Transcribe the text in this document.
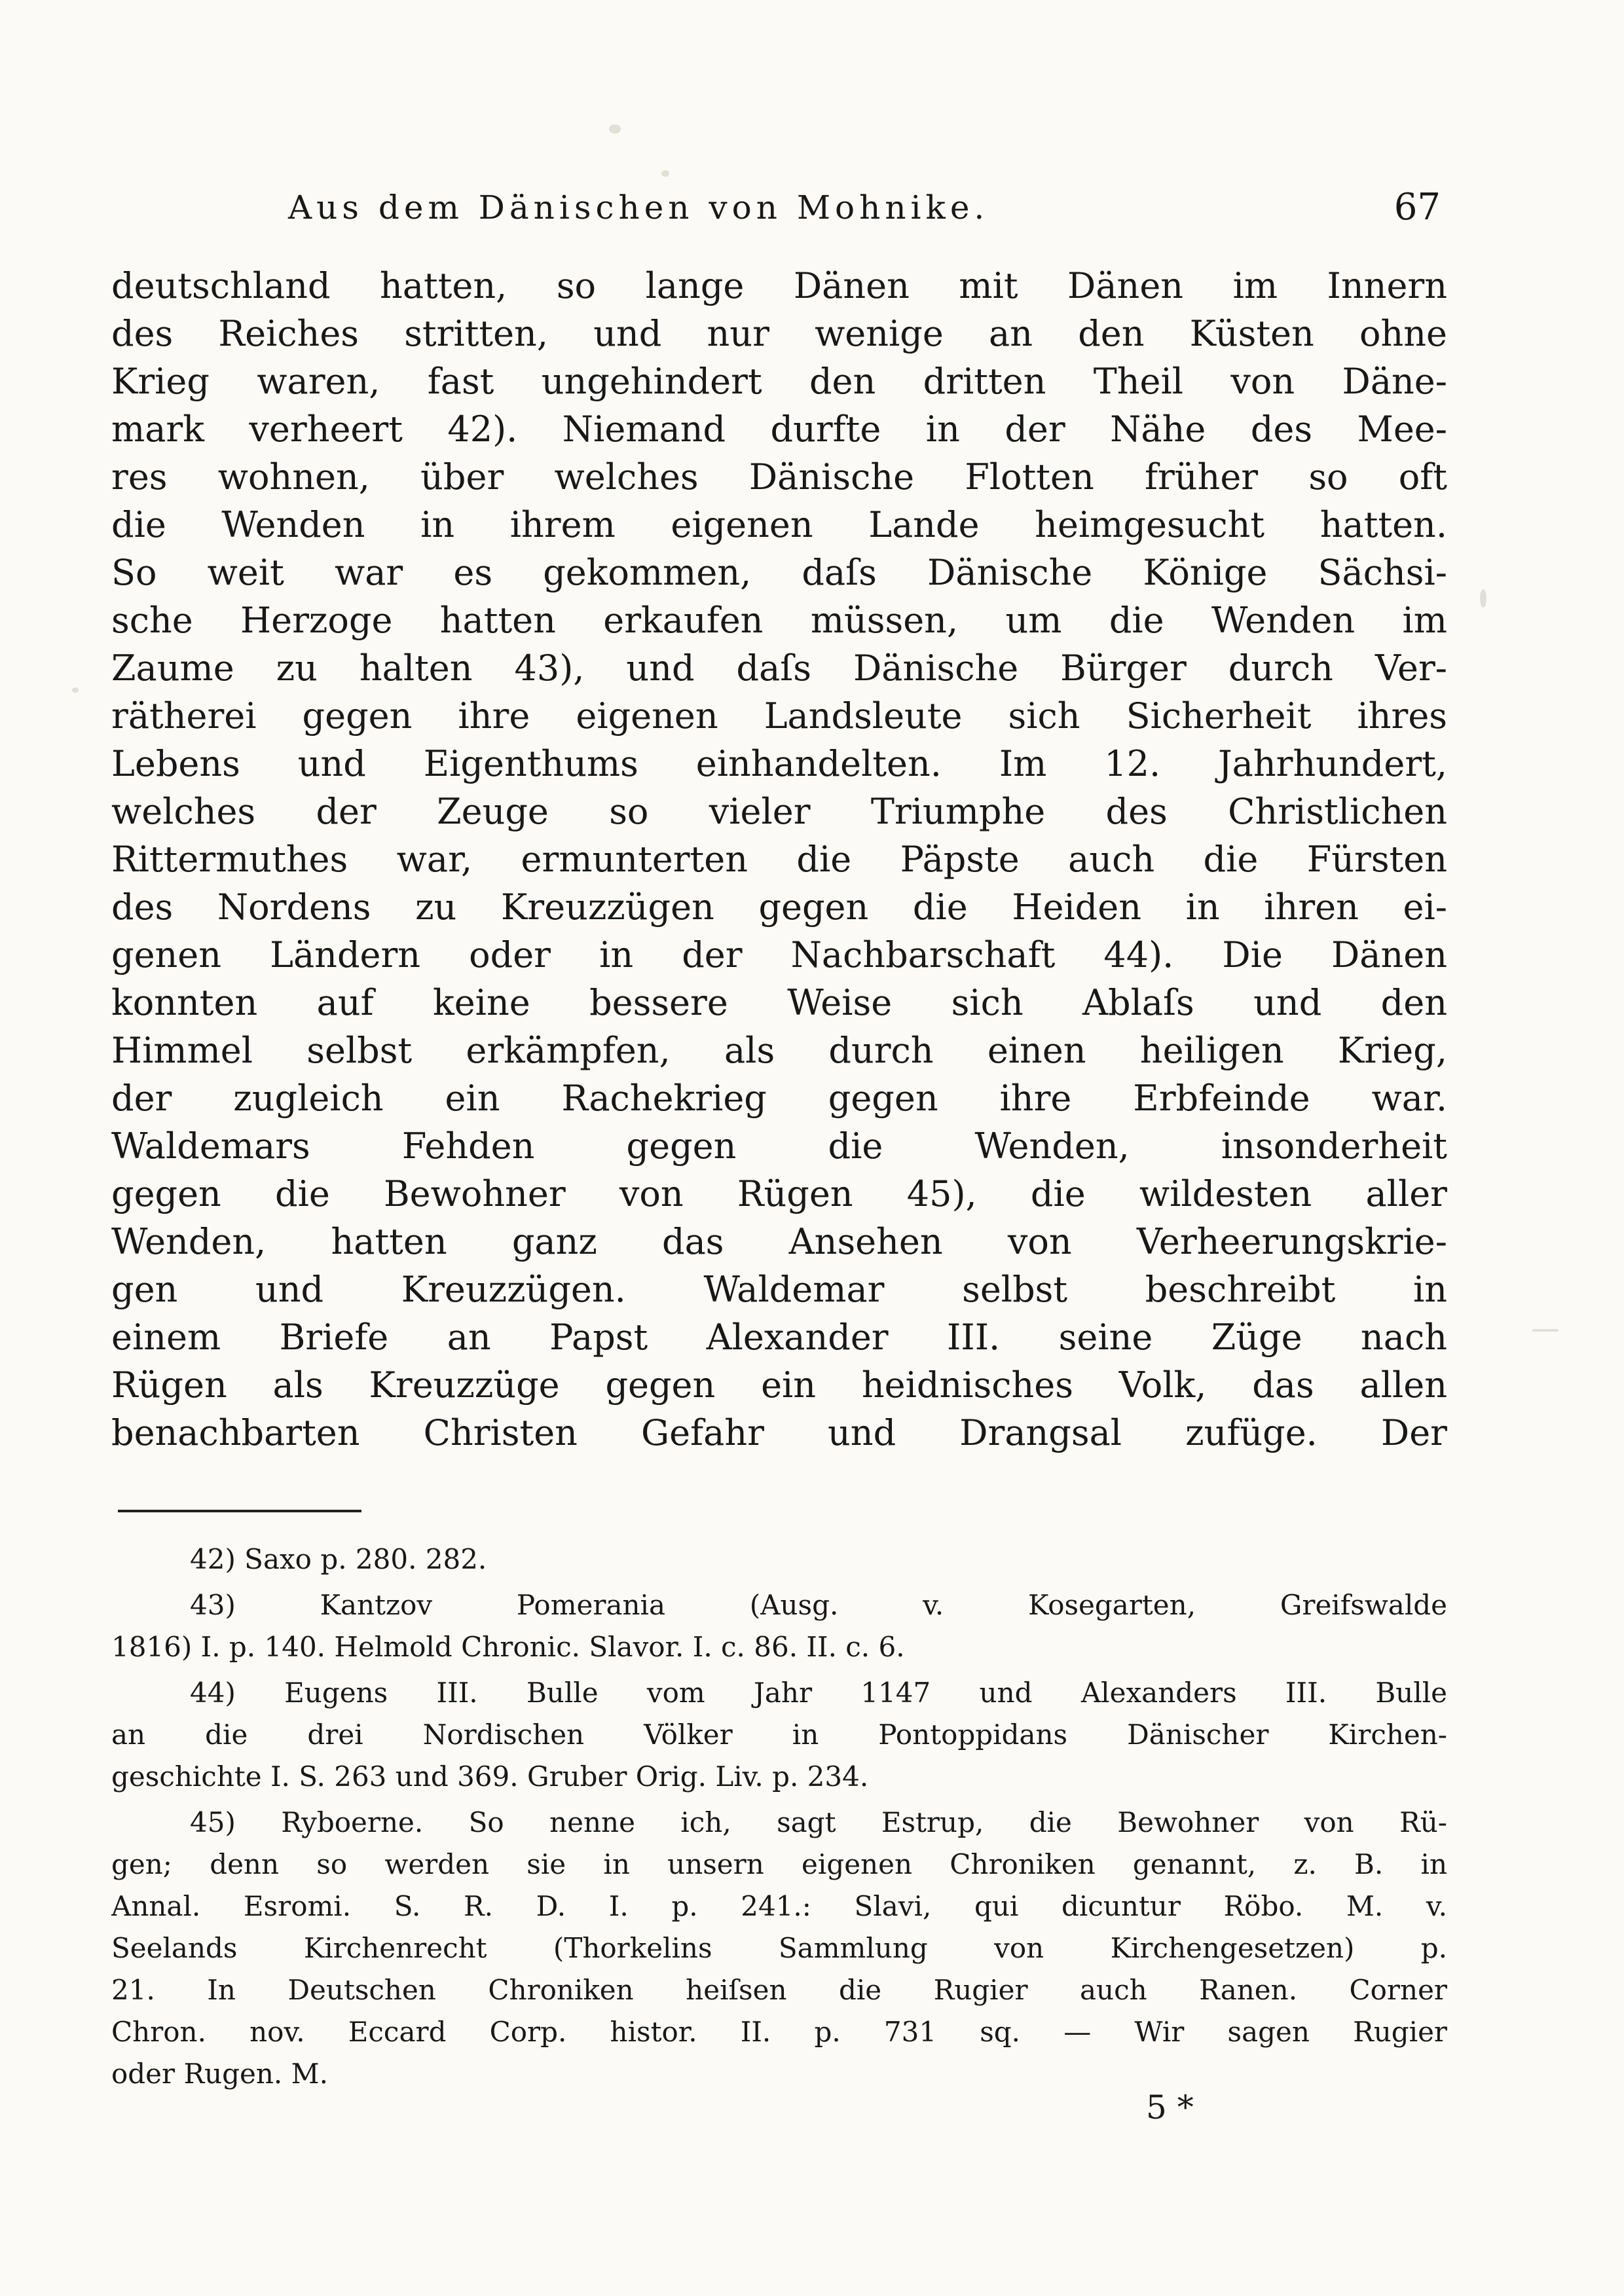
Aus dem Dänischen von Mohnike.	67
deutschland hatten, so lange Dänen mit Dänen im Innern
des Reiches stritten, und nur wenige an den Küsten ohne
Krieg waren, fast ungehindert den dritten Theil von Däne-
mark verheert 42). Niemand durfte in der Nähe des Mee-
res wohnen, über welches Dänische Flotten früher so oft
die Wenden in ihrem eigenen Lande heimgesucht hatten.
So weit war es gekommen, daſs Dänische Könige Sächsi-
sche Herzoge hatten erkaufen müssen, um die Wenden im
Zaume zu halten 43), und daſs Dänische Bürger durch Ver-
rätherei gegen ihre eigenen Landsleute sich Sicherheit ihres
Lebens und Eigenthums einhandelten. Im 12. Jahrhundert,
welches der Zeuge so vieler Triumphe des Christlichen
Rittermuthes war, ermunterten die Päpste auch die Fürsten
des Nordens zu Kreuzzügen gegen die Heiden in ihren ei-
genen Ländern oder in der Nachbarschaft 44). Die Dänen
konnten auf keine bessere Weise sich Ablaſs und den
Himmel selbst erkämpfen, als durch einen heiligen Krieg,
der zugleich ein Rachekrieg gegen ihre Erbfeinde war.
Waldemars Fehden gegen die Wenden, insonderheit
gegen die Bewohner von Rügen 45), die wildesten aller
Wenden, hatten ganz das Ansehen von Verheerungskrie-
gen und Kreuzzügen. Waldemar selbst beschreibt in
einem Briefe an Papst Alexander III. seine Züge nach
Rügen als Kreuzzüge gegen ein heidnisches Volk, das allen
benachbarten Christen Gefahr und Drangsal zufüge. Der
42) Saxo p. 280. 282.
43) Kantzov Pomerania (Ausg. v. Kosegarten, Greifswalde
1816) I. p. 140. Helmold Chronic. Slavor. I. c. 86. II. c. 6.
44) Eugens III. Bulle vom Jahr 1147 und Alexanders III. Bulle
an die drei Nordischen Völker in Pontoppidans Dänischer Kirchen-
geschichte I. S. 263 und 369. Gruber Orig. Liv. p. 234.
45) Ryboerne. So nenne ich, sagt Estrup, die Bewohner von Rü-
gen; denn so werden sie in unsern eigenen Chroniken genannt, z. B. in
Annal. Esromi. S. R. D. I. p. 241.: Slavi, qui dicuntur Röbo. M. v.
Seelands Kirchenrecht (Thorkelins Sammlung von Kirchengesetzen) p.
21. In Deutschen Chroniken heiſsen die Rugier auch Ranen. Corner
Chron. nov. Eccard Corp. histor. II. p. 731 sq. — Wir sagen Rugier
oder Rugen. M.
5 *
